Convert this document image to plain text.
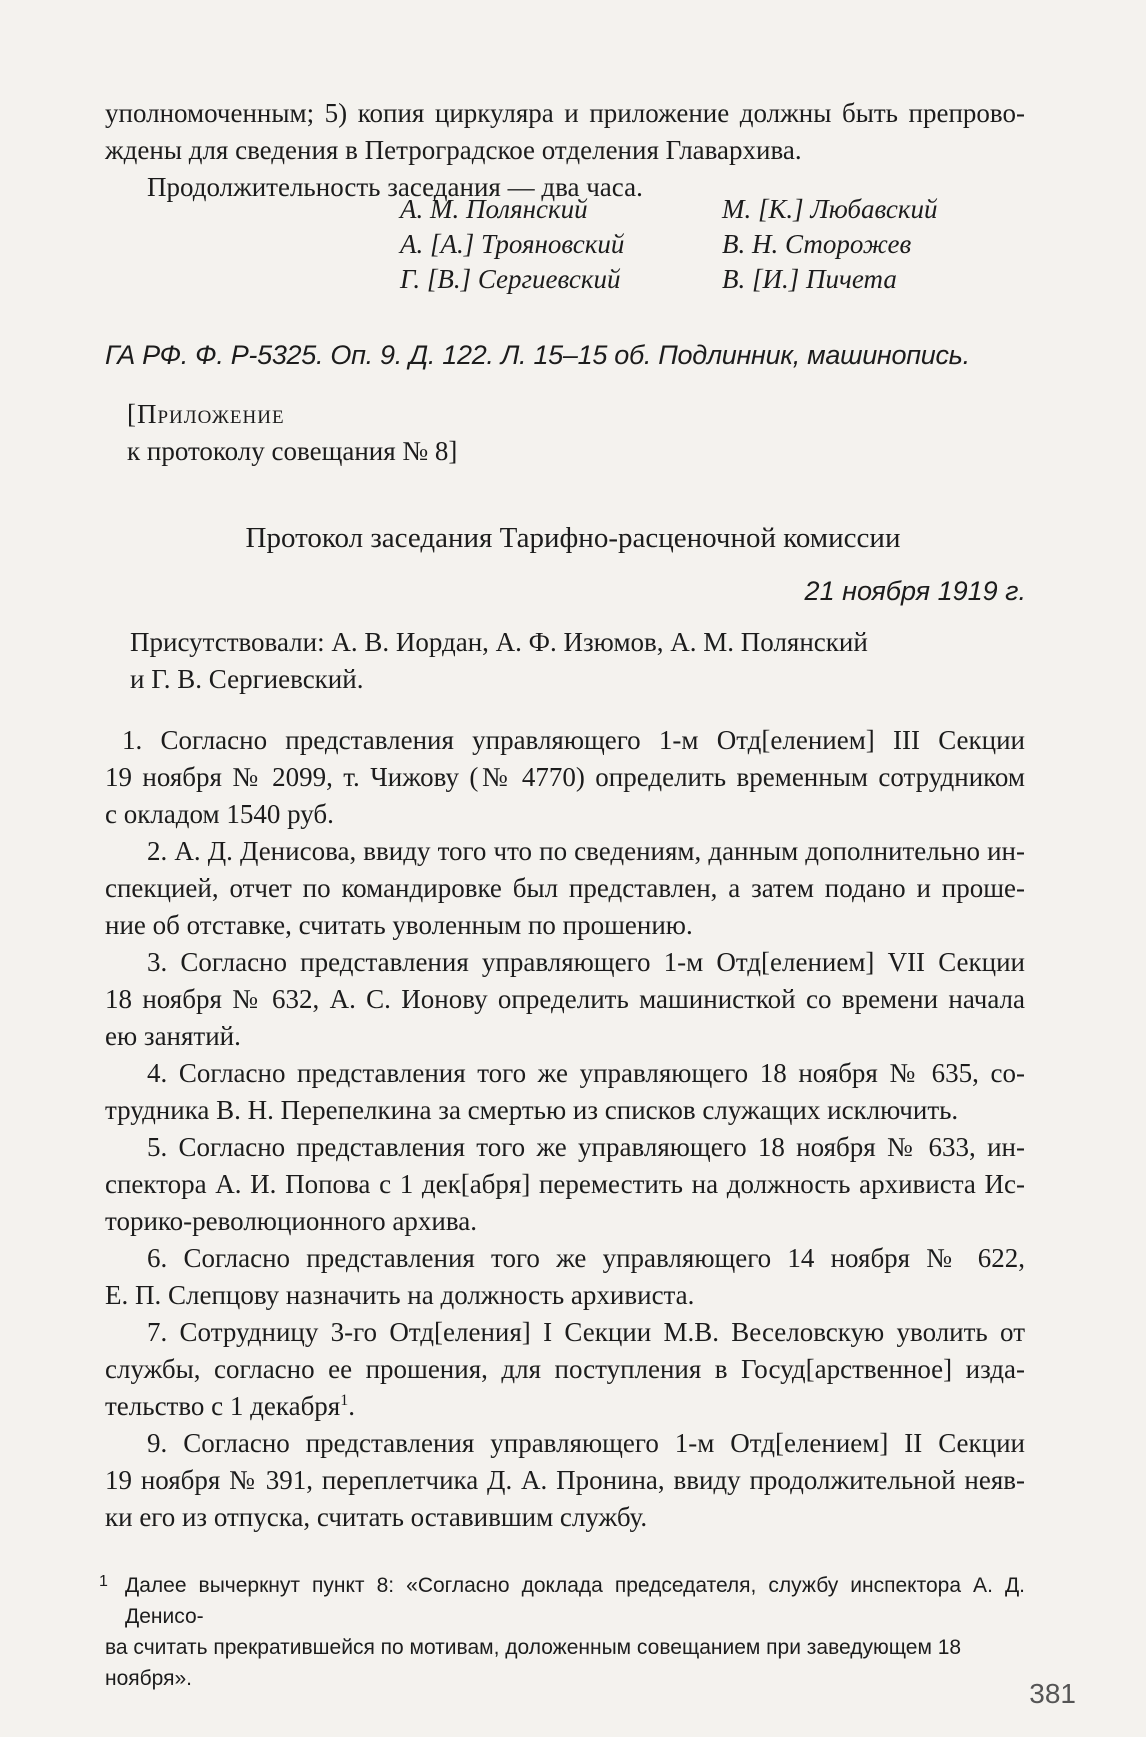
уполномоченным; 5) копия циркуляра и приложение должны быть препрово-
ждены для сведения в Петроградское отделения Главархива.
Продолжительность заседания — два часа.
А. М. Полянский
А. [А.] Трояновский
Г. [В.] Сергиевский
М. [К.] Любавский
В. Н. Сторожев
В. [И.] Пичета
ГА РФ. Ф. Р-5325. Оп. 9. Д. 122. Л. 15–15 об. Подлинник, машинопись.
[Приложение
к протоколу совещания № 8]
Протокол заседания Тарифно-расценочной комиссии
21 ноября 1919 г.
Присутствовали: А. В. Иордан, А. Ф. Изюмов, А. М. Полянский
и Г. В. Сергиевский.
1. Согласно представления управляющего 1-м Отд[елением] III Секции
19 ноября № 2099, т. Чижову (№ 4770) определить временным сотрудником
с окладом 1540 руб.
2. А. Д. Денисова, ввиду того что по сведениям, данным дополнительно ин-
спекцией, отчет по командировке был представлен, а затем подано и проше-
ние об отставке, считать уволенным по прошению.
3. Согласно представления управляющего 1-м Отд[елением] VII Секции
18 ноября № 632, А. С. Ионову определить машинисткой со времени начала
ею занятий.
4. Согласно представления того же управляющего 18 ноября № 635, со-
трудника В. Н. Перепелкина за смертью из списков служащих исключить.
5. Согласно представления того же управляющего 18 ноября № 633, ин-
спектора А. И. Попова с 1 дек[абря] переместить на должность архивиста Ис-
торико-революционного архива.
6. Согласно представления того же управляющего 14 ноября № 622,
Е. П. Слепцову назначить на должность архивиста.
7. Сотрудницу 3-го Отд[еления] I Секции М.В. Веселовскую уволить от
службы, согласно ее прошения, для поступления в Госуд[арственное] изда-
тельство с 1 декабря$^1$.
9. Согласно представления управляющего 1-м Отд[елением] II Секции
19 ноября № 391, переплетчика Д. А. Пронина, ввиду продолжительной неяв-
ки его из отпуска, считать оставившим службу.
1 Далее вычеркнут пункт 8: «Согласно доклада председателя, службу инспектора А. Д. Денисо-
ва считать прекратившейся по мотивам, доложенным совещанием при заведующем 18 ноября».	381
